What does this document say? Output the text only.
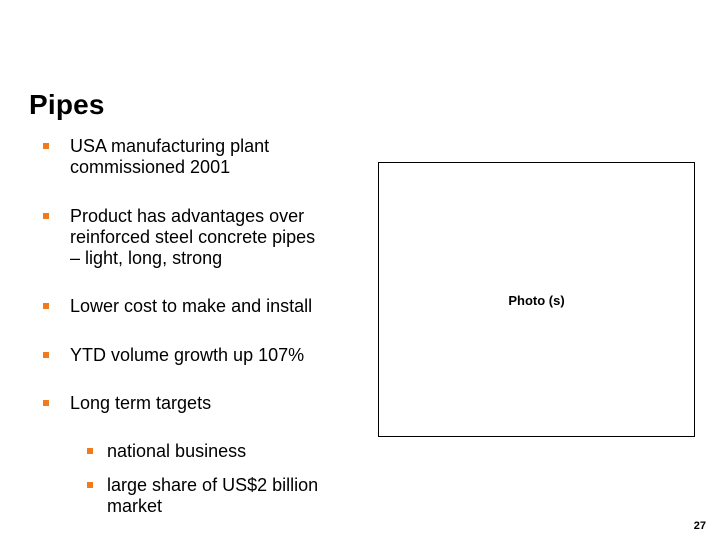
Pipes
USA manufacturing plant
commissioned 2001
Product has advantages over
reinforced steel concrete pipes
– light, long, strong
Lower cost to make and install
YTD volume growth up 107%
Long term targets
national business
large share of US$2 billion
market
Photo (s)
27
